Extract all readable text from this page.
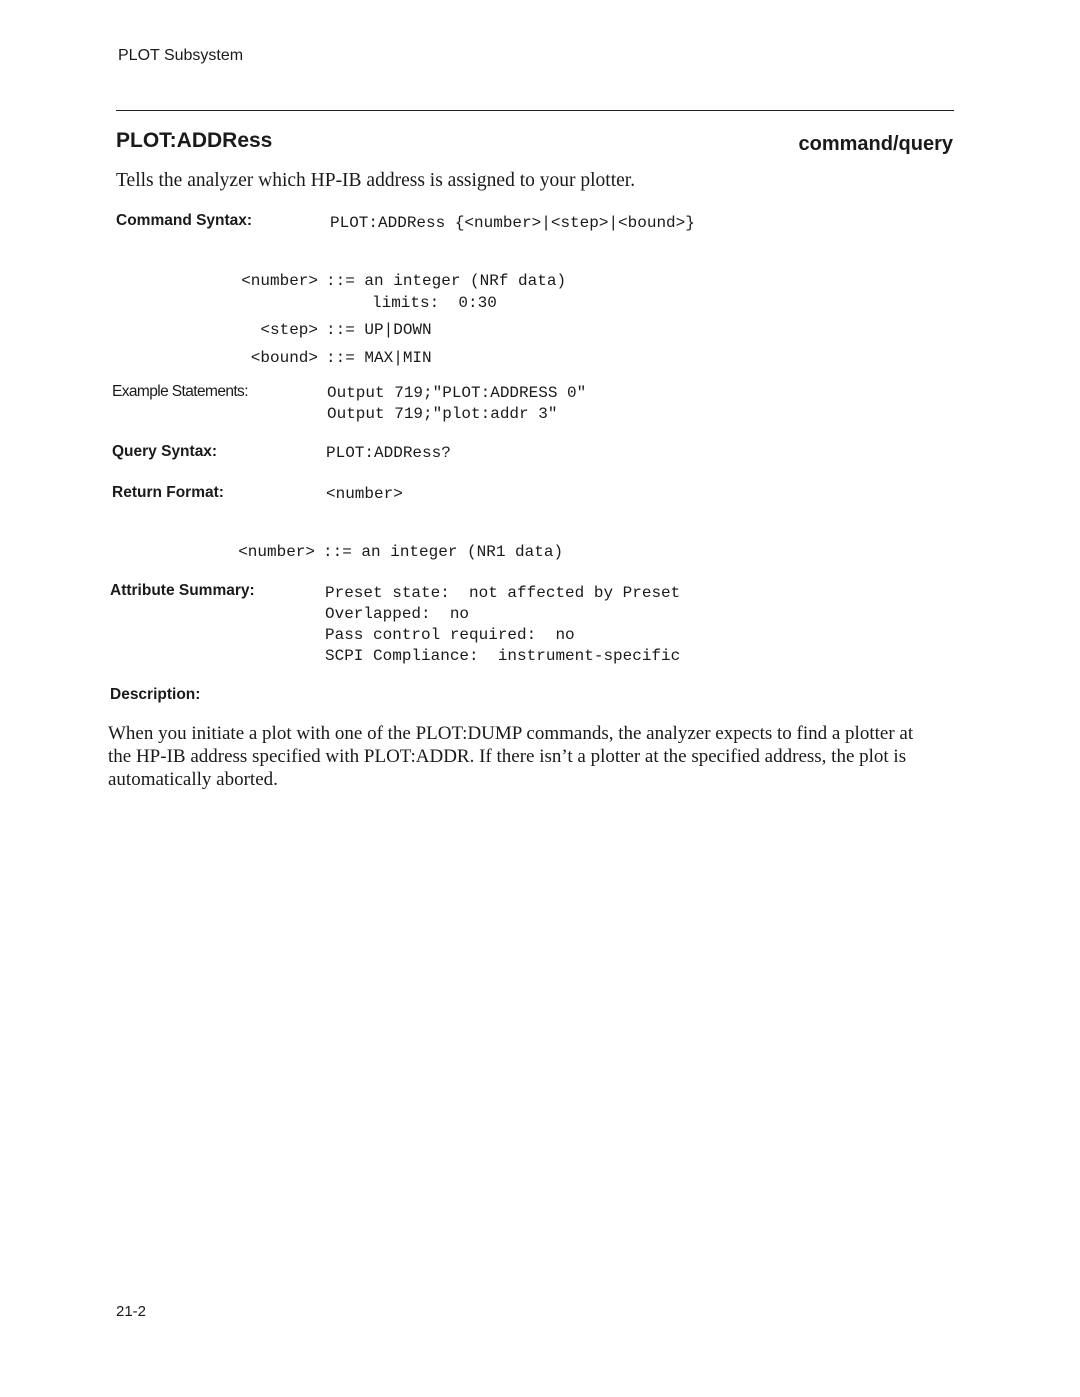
PLOT Subsystem
PLOT:ADDRess	command/query
Tells the analyzer which HP-IB address is assigned to your plotter.
Command Syntax:	PLOT:ADDRess {<number>|<step>|<bound>}
<number> ::= an integer (NRf data)
limits:  0:30
<step> ::= UP|DOWN
<bound> ::= MAX|MIN
Example Statements:	Output 719;"PLOT:ADDRESS 0"
Output 719;"plot:addr 3"
Query Syntax:	PLOT:ADDRess?
Return Format:	<number>
<number> ::= an integer (NR1 data)
Attribute Summary:	Preset state:  not affected by Preset
Overlapped:  no
Pass control required:  no
SCPI Compliance:  instrument-specific
Description:
When you initiate a plot with one of the PLOT:DUMP commands, the analyzer expects to find a plotter at the HP-IB address specified with PLOT:ADDR. If there isn’t a plotter at the specified address, the plot is automatically aborted.
21-2
